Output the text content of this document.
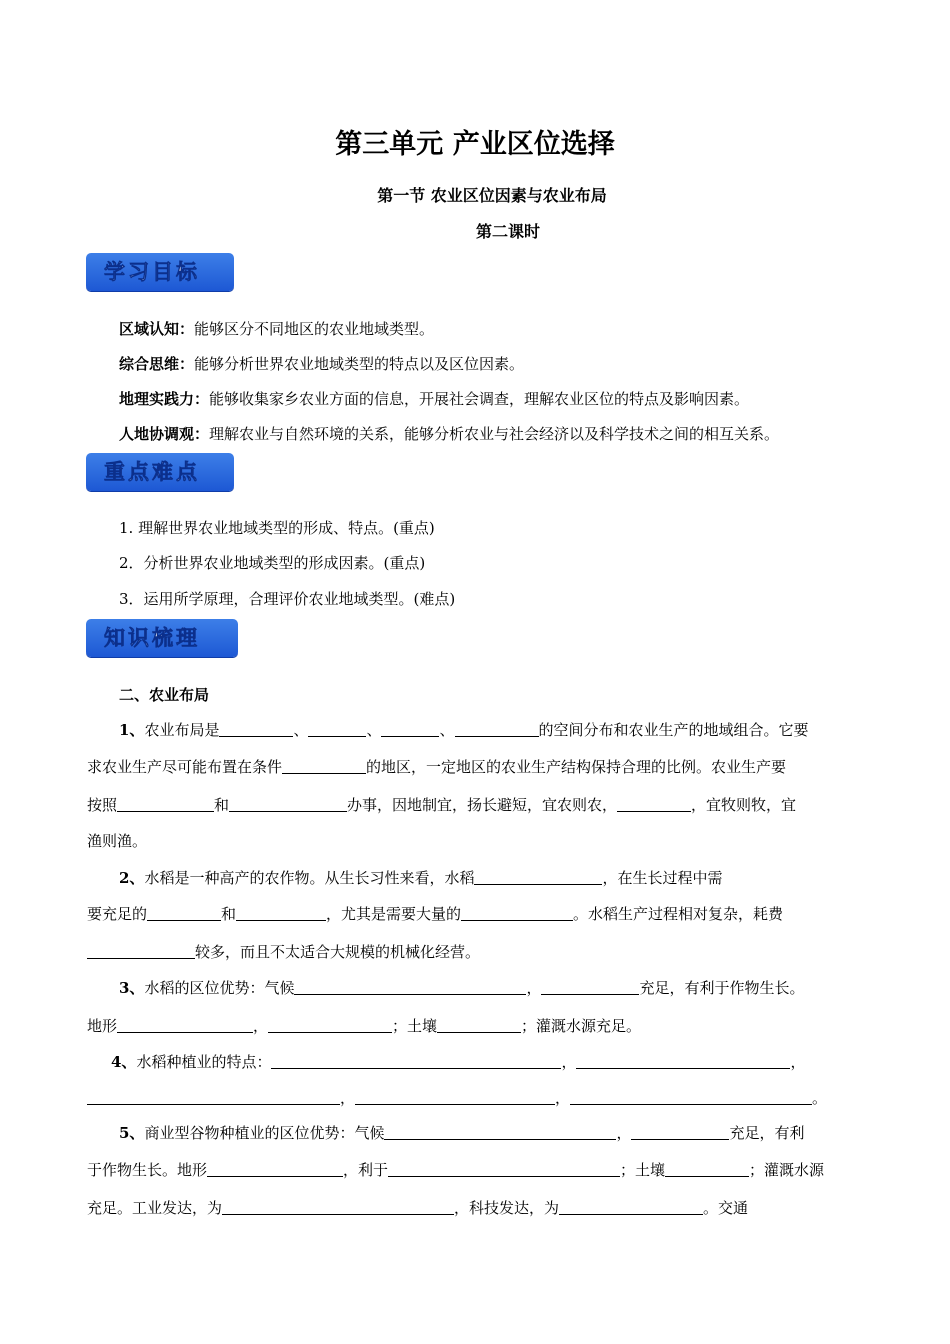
第三单元 产业区位选择
第一节 农业区位因素与农业布局
第二课时
学习目标
区域认知：能够区分不同地区的农业地域类型。
综合思维：能够分析世界农业地域类型的特点以及区位因素。
地理实践力：能够收集家乡农业方面的信息，开展社会调查，理解农业区位的特点及影响因素。
人地协调观：理解农业与自然环境的关系，能够分析农业与社会经济以及科学技术之间的相互关系。
重点难点
1. 理解世界农业地域类型的形成、特点。(重点)
2．分析世界农业地域类型的形成因素。(重点)
3．运用所学原理，合理评价农业地域类型。(难点)
知识梳理
二、农业布局
1、农业布局是	、	、	、	的空间分布和农业生产的地域组合。它要
求农业生产尽可能布置在条件	的地区，一定地区的农业生产结构保持合理的比例。农业生产要
按照	和	办事，因地制宜，扬长避短，宜农则农，	，宜牧则牧，宜
渔则渔。
2、水稻是一种高产的农作物。从生长习性来看，水稻	，在生长过程中需
要充足的	和	，尤其是需要大量的	。水稻生产过程相对复杂，耗费
较多，而且不太适合大规模的机械化经营。
3、水稻的区位优势：气候	，	充足，有利于作物生长。
地形	，	；土壤	；灌溉水源充足。
4、水稻种植业的特点：	，	，
，	，	。
5、商业型谷物种植业的区位优势：气候	，	充足，有利
于作物生长。地形	，利于	；土壤	；灌溉水源
充足。工业发达，为	，科技发达，为	。交通
